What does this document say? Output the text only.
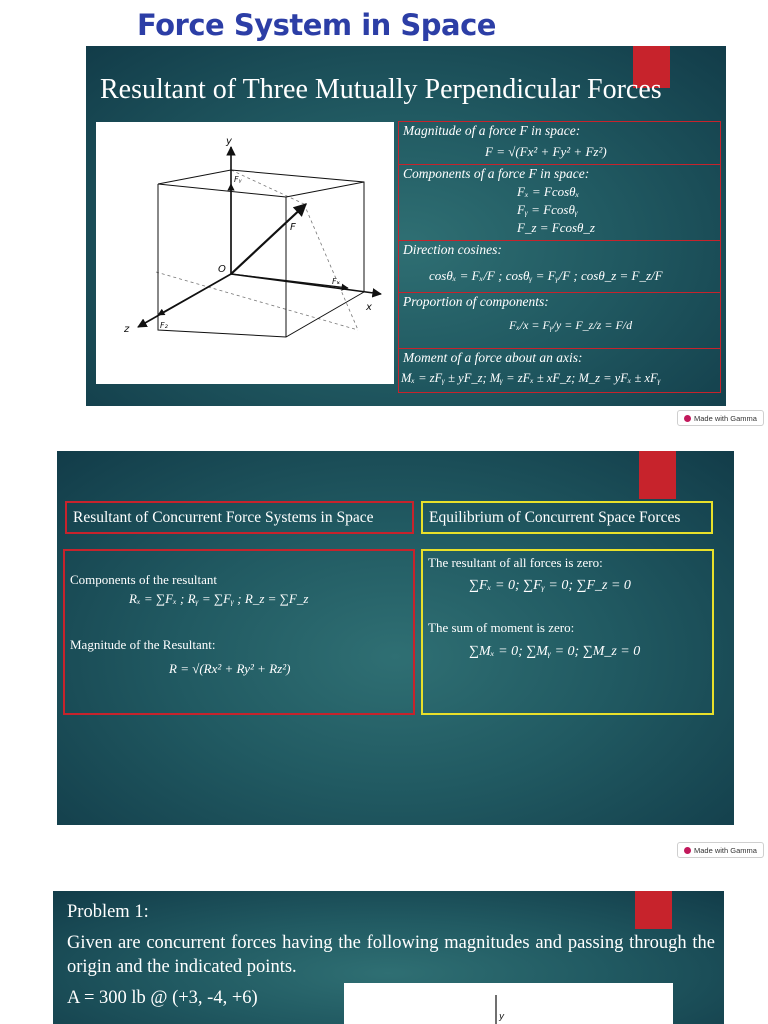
Force System in Space
Resultant of Three Mutually Perpendicular Forces
y
x
z
O
F
Fᵧ
Fₓ
F₂
Magnitude of a force F in space:
F = √(Fx² + Fy² + Fz²)
Components of a force F in space:
Fₓ = Fcosθₓ
Fᵧ = Fcosθᵧ
F_z = Fcosθ_z
Direction cosines:
cosθₓ = Fₓ/F ; cosθᵧ = Fᵧ/F ; cosθ_z = F_z/F
Proportion of components:
Fₓ/x = Fᵧ/y = F_z/z = F/d
Moment of a force about an axis:
Mₓ = zFᵧ ± yF_z; Mᵧ = zFₓ ± xF_z; M_z = yFₓ ± xFᵧ
Made with Gamma
Resultant of Concurrent Force Systems in Space	Equilibrium of Concurrent Space Forces
Components of the resultant
Rₓ = ∑Fₓ ; Rᵧ = ∑Fᵧ ; R_z = ∑F_z
Magnitude of the Resultant:
R = √(Rx² + Ry² + Rz²)
The resultant of all forces is zero:
∑Fₓ = 0; ∑Fᵧ = 0; ∑F_z = 0
The sum of moment is zero:
∑Mₓ = 0; ∑Mᵧ = 0; ∑M_z = 0
Made with Gamma
Problem 1:
Given are concurrent forces having the following magnitudes and passing through the origin and the indicated points.
A = 300 lb @ (+3, -4, +6)
y
